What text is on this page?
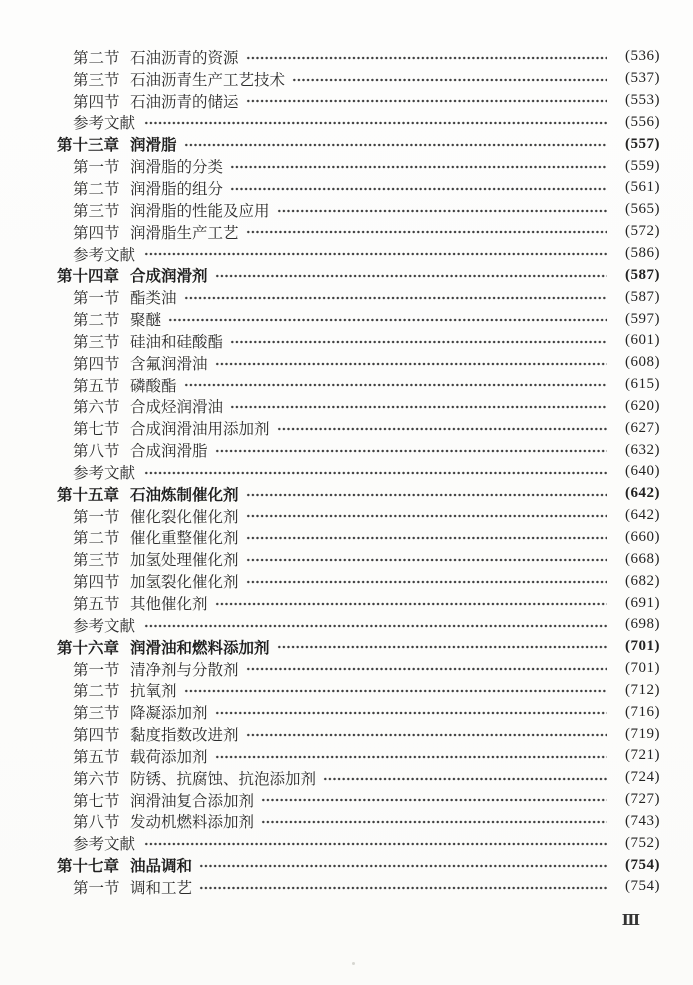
第二节 石油沥青的资源	(536)
第三节 石油沥青生产工艺技术	(537)
第四节 石油沥青的储运	(553)
参考文献	(556)
第十三章 润滑脂	(557)
第一节 润滑脂的分类	(559)
第二节 润滑脂的组分	(561)
第三节 润滑脂的性能及应用	(565)
第四节 润滑脂生产工艺	(572)
参考文献	(586)
第十四章 合成润滑剂	(587)
第一节 酯类油	(587)
第二节 聚醚	(597)
第三节 硅油和硅酸酯	(601)
第四节 含氟润滑油	(608)
第五节 磷酸酯	(615)
第六节 合成烃润滑油	(620)
第七节 合成润滑油用添加剂	(627)
第八节 合成润滑脂	(632)
参考文献	(640)
第十五章 石油炼制催化剂	(642)
第一节 催化裂化催化剂	(642)
第二节 催化重整催化剂	(660)
第三节 加氢处理催化剂	(668)
第四节 加氢裂化催化剂	(682)
第五节 其他催化剂	(691)
参考文献	(698)
第十六章 润滑油和燃料添加剂	(701)
第一节 清净剂与分散剂	(701)
第二节 抗氧剂	(712)
第三节 降凝添加剂	(716)
第四节 黏度指数改进剂	(719)
第五节 载荷添加剂	(721)
第六节 防锈、抗腐蚀、抗泡添加剂	(724)
第七节 润滑油复合添加剂	(727)
第八节 发动机燃料添加剂	(743)
参考文献	(752)
第十七章 油品调和	(754)
第一节 调和工艺	(754)
Ⅲ
